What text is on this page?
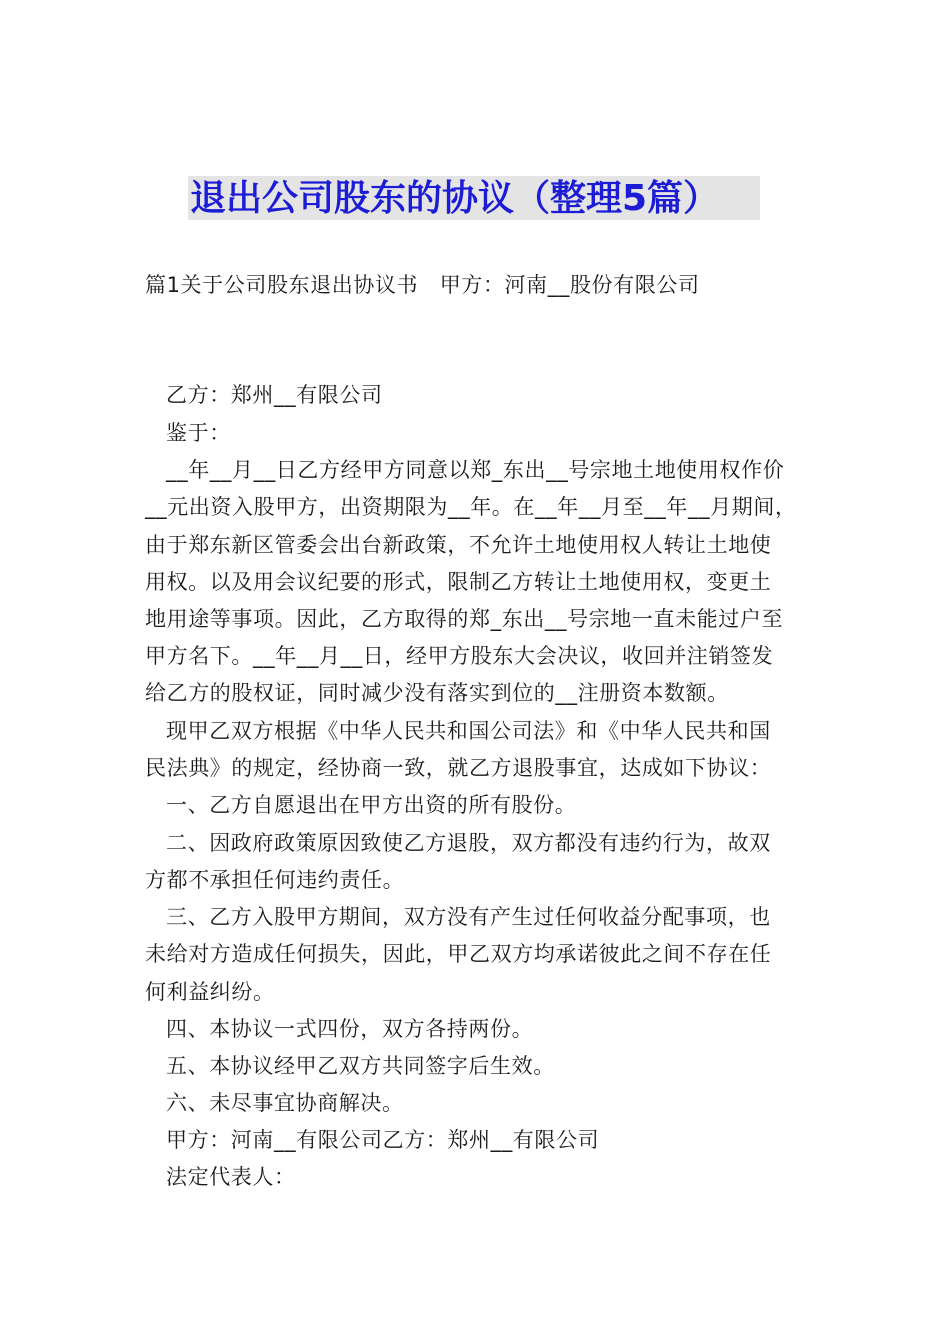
退出公司股东的协议（整理5篇）

篇1关于公司股东退出协议书　甲方：河南__股份有限公司

乙方：郑州__有限公司

鉴于：

__年__月__日乙方经甲方同意以郑_东出__号宗地土地使用权作价

__元出资入股甲方，出资期限为__年。在__年__月至__年__月期间，

由于郑东新区管委会出台新政策，不允许土地使用权人转让土地使

用权。以及用会议纪要的形式，限制乙方转让土地使用权，变更土

地用途等事项。因此，乙方取得的郑_东出__号宗地一直未能过户至

甲方名下。__年__月__日，经甲方股东大会决议，收回并注销签发

给乙方的股权证，同时减少没有落实到位的__注册资本数额。

现甲乙双方根据《中华人民共和国公司法》和《中华人民共和国

民法典》的规定，经协商一致，就乙方退股事宜，达成如下协议：

一、乙方自愿退出在甲方出资的所有股份。

二、因政府政策原因致使乙方退股，双方都没有违约行为，故双

方都不承担任何违约责任。

三、乙方入股甲方期间，双方没有产生过任何收益分配事项，也

未给对方造成任何损失，因此，甲乙双方均承诺彼此之间不存在任

何利益纠纷。

四、本协议一式四份，双方各持两份。

五、本协议经甲乙双方共同签字后生效。

六、未尽事宜协商解决。

甲方：河南__有限公司乙方：郑州__有限公司

法定代表人：
